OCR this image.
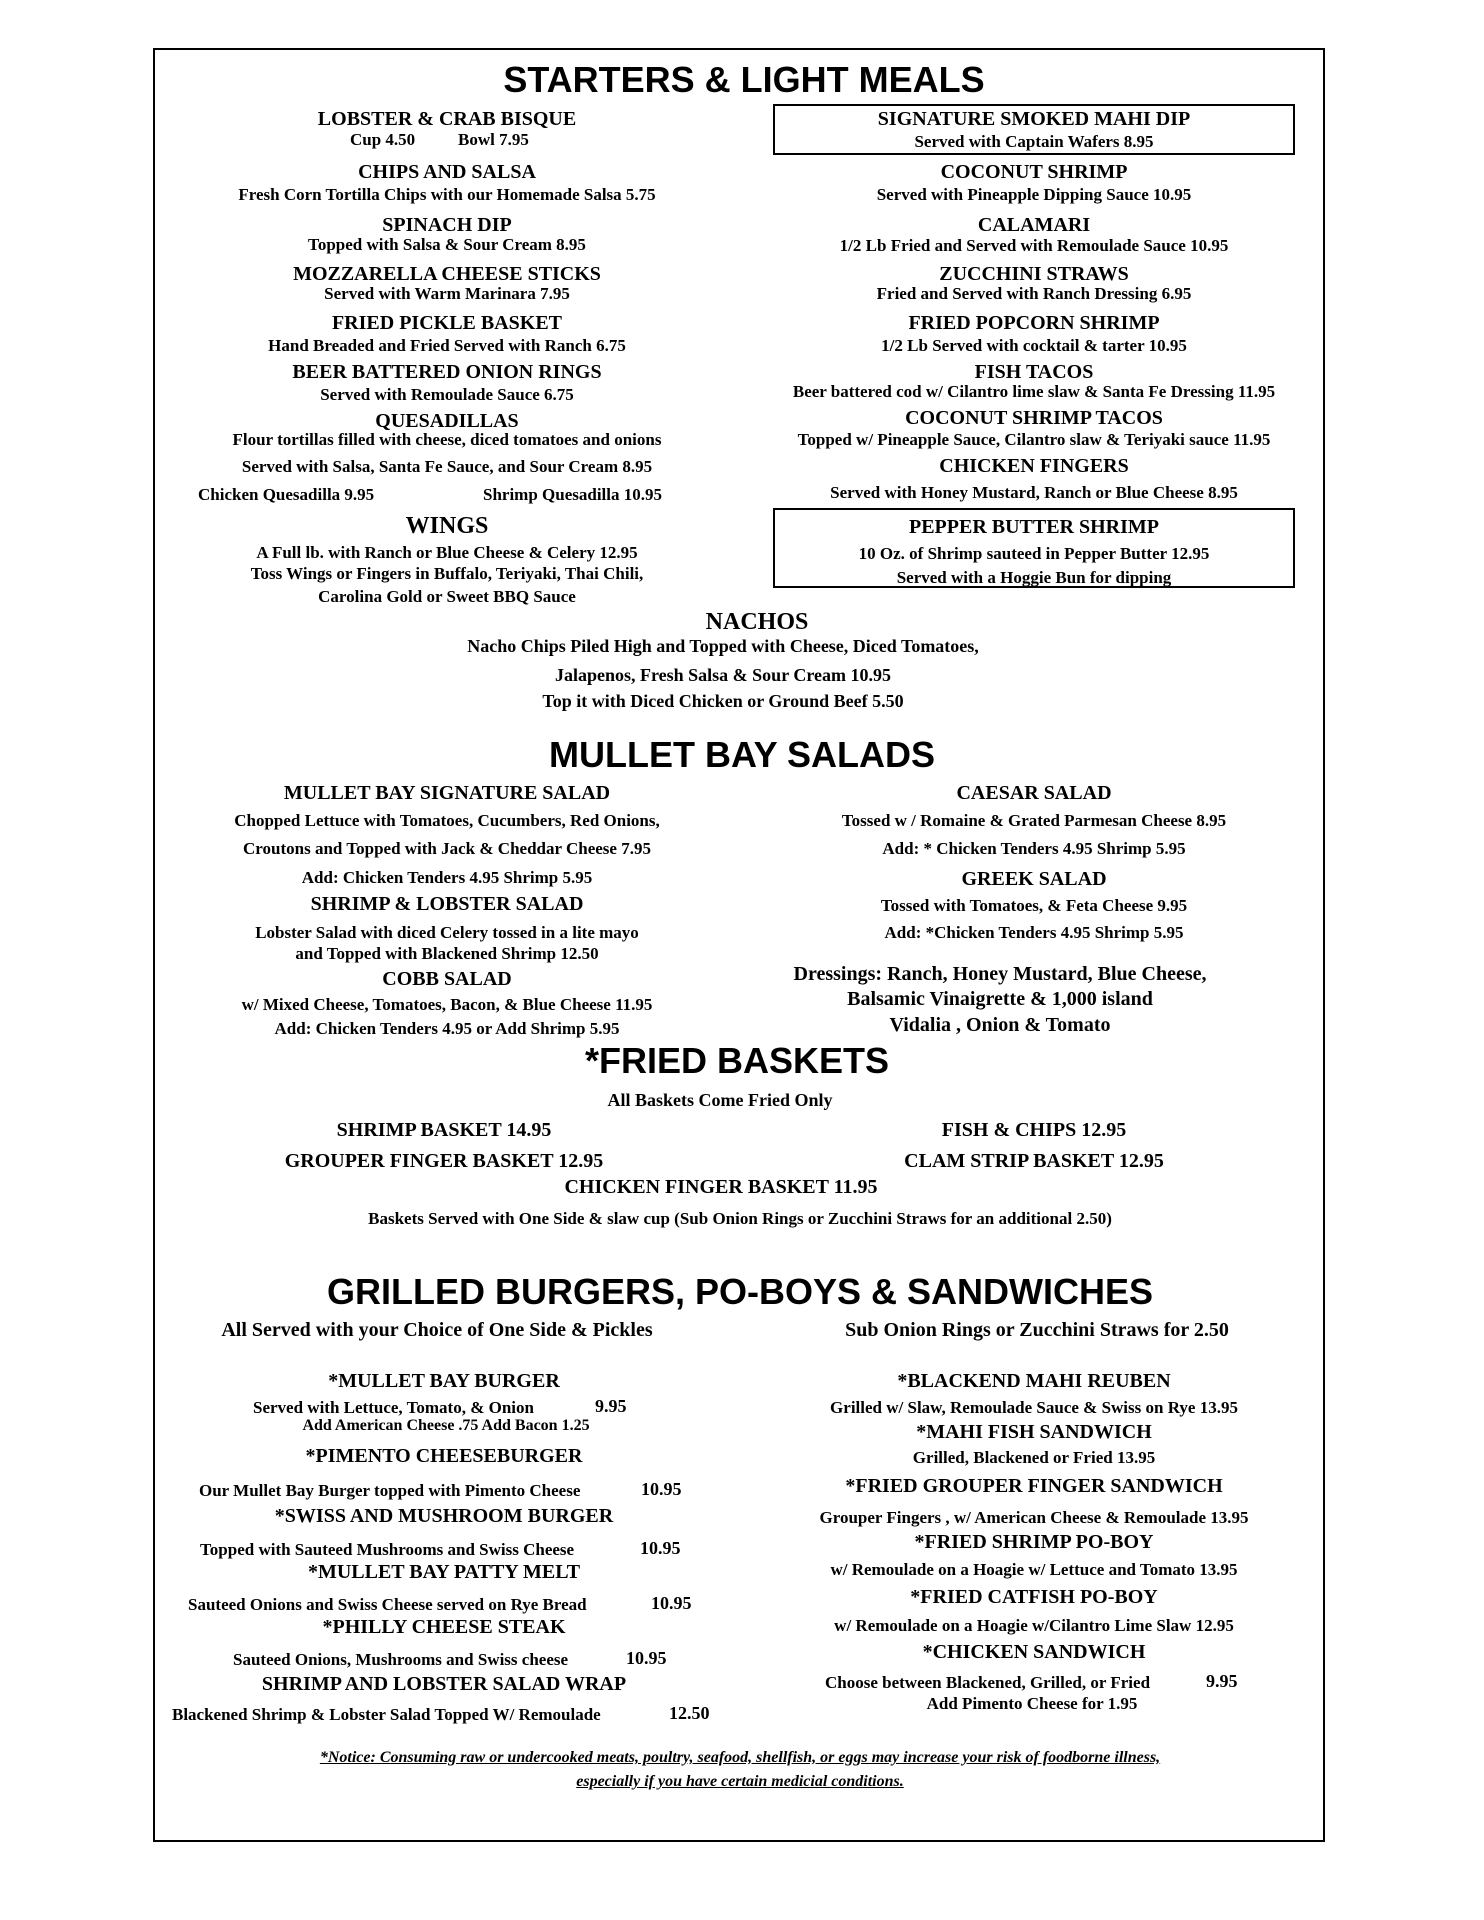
STARTERS & LIGHT MEALS
LOBSTER & CRAB BISQUE
Cup 4.50	Bowl 7.95
CHIPS AND SALSA
Fresh Corn Tortilla Chips with our Homemade Salsa 5.75
SPINACH DIP
Topped with Salsa & Sour Cream 8.95
MOZZARELLA CHEESE STICKS
Served with Warm Marinara 7.95
FRIED PICKLE BASKET
Hand Breaded and Fried Served with Ranch 6.75
BEER BATTERED ONION RINGS
Served with Remoulade Sauce 6.75
QUESADILLAS
Flour tortillas filled with cheese, diced tomatoes and onions
Served with Salsa, Santa Fe Sauce, and Sour Cream 8.95
Chicken Quesadilla 9.95	Shrimp Quesadilla 10.95
WINGS
A Full lb. with Ranch or Blue Cheese & Celery 12.95
Toss Wings or Fingers in Buffalo, Teriyaki, Thai Chili,
Carolina Gold or Sweet BBQ Sauce
SIGNATURE SMOKED MAHI DIP
Served with Captain Wafers 8.95
COCONUT SHRIMP
Served with Pineapple Dipping Sauce 10.95
CALAMARI
1/2 Lb Fried and Served with Remoulade Sauce 10.95
ZUCCHINI STRAWS
Fried and Served with Ranch Dressing 6.95
FRIED POPCORN SHRIMP
1/2 Lb Served with cocktail & tarter 10.95
FISH TACOS
Beer battered cod w/ Cilantro lime slaw & Santa Fe Dressing 11.95
COCONUT SHRIMP TACOS
Topped w/ Pineapple Sauce, Cilantro slaw & Teriyaki sauce 11.95
CHICKEN FINGERS
Served with Honey Mustard, Ranch or Blue Cheese 8.95
PEPPER BUTTER SHRIMP
10 Oz. of Shrimp sauteed in Pepper Butter 12.95
Served with a Hoggie Bun for dipping
NACHOS
Nacho Chips Piled High and Topped with Cheese, Diced Tomatoes,
Jalapenos, Fresh Salsa & Sour Cream 10.95
Top it with Diced Chicken or Ground Beef 5.50
MULLET BAY SALADS
MULLET BAY SIGNATURE SALAD
Chopped Lettuce with Tomatoes, Cucumbers, Red Onions,
Croutons and Topped with Jack & Cheddar Cheese 7.95
Add: Chicken Tenders 4.95 Shrimp 5.95
SHRIMP & LOBSTER SALAD
Lobster Salad with diced Celery tossed in a lite mayo
and Topped with Blackened Shrimp 12.50
COBB SALAD
w/ Mixed Cheese, Tomatoes, Bacon, & Blue Cheese 11.95
Add: Chicken Tenders 4.95 or Add Shrimp 5.95
CAESAR SALAD
Tossed w / Romaine & Grated Parmesan Cheese 8.95
Add: * Chicken Tenders 4.95 Shrimp 5.95
GREEK SALAD
Tossed with Tomatoes, & Feta Cheese 9.95
Add: *Chicken Tenders 4.95 Shrimp 5.95
Dressings: Ranch, Honey Mustard, Blue Cheese,
Balsamic Vinaigrette & 1,000 island
Vidalia , Onion & Tomato
*FRIED BASKETS
All Baskets Come Fried Only
SHRIMP BASKET 14.95	FISH & CHIPS 12.95
GROUPER FINGER BASKET 12.95	CLAM STRIP BASKET 12.95
CHICKEN FINGER BASKET 11.95
Baskets Served with One Side & slaw cup (Sub Onion Rings or Zucchini Straws for an additional 2.50)
GRILLED BURGERS, PO-BOYS & SANDWICHES
All Served with your Choice of One Side & Pickles	Sub Onion Rings or Zucchini Straws for 2.50
*MULLET BAY BURGER
Served with Lettuce, Tomato, & Onion	9.95
Add American Cheese .75 Add Bacon 1.25
*PIMENTO CHEESEBURGER
Our Mullet Bay Burger topped with Pimento Cheese	10.95
*SWISS AND MUSHROOM BURGER
Topped with Sauteed Mushrooms and Swiss Cheese	10.95
*MULLET BAY PATTY MELT
Sauteed Onions and Swiss Cheese served on Rye Bread	10.95
*PHILLY CHEESE STEAK
Sauteed Onions, Mushrooms and Swiss cheese	10.95
SHRIMP AND LOBSTER SALAD WRAP
Blackened Shrimp & Lobster Salad Topped W/ Remoulade	12.50
*BLACKEND MAHI REUBEN
Grilled w/ Slaw, Remoulade Sauce & Swiss on Rye 13.95
*MAHI FISH SANDWICH
Grilled, Blackened or Fried 13.95
*FRIED GROUPER FINGER SANDWICH
Grouper Fingers , w/ American Cheese & Remoulade 13.95
*FRIED SHRIMP PO-BOY
w/ Remoulade on a Hoagie w/ Lettuce and Tomato 13.95
*FRIED CATFISH PO-BOY
w/ Remoulade on a Hoagie w/Cilantro Lime Slaw 12.95
*CHICKEN SANDWICH
Choose between Blackened, Grilled, or Fried	9.95
Add Pimento Cheese for 1.95
*Notice: Consuming raw or undercooked meats, poultry, seafood, shellfish, or eggs may increase your risk of foodborne illness,
especially if you have certain medicial conditions.
